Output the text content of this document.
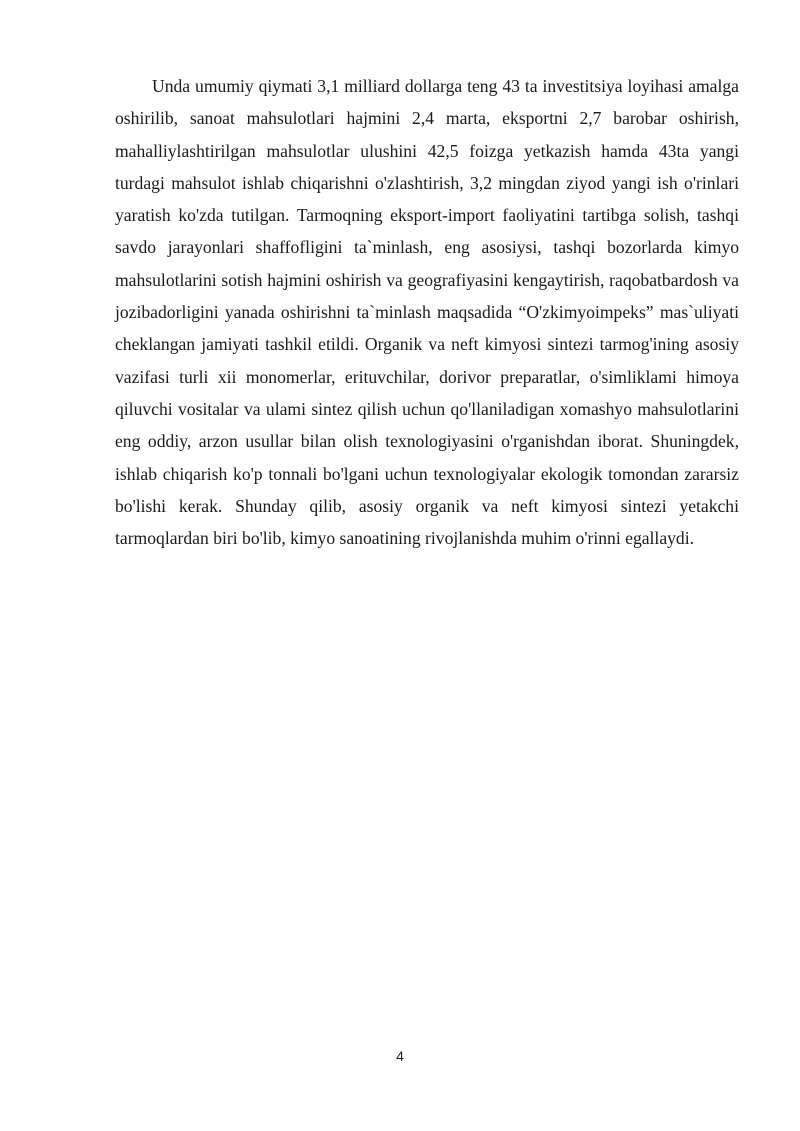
Unda umumiy qiymati 3,1 milliard dollarga teng 43 ta investitsiya loyihasi amalga oshirilib, sanoat mahsulotlari hajmini 2,4 marta, eksportni 2,7 barobar oshirish, mahalliylashtirilgan mahsulotlar ulushini 42,5 foizga yetkazish hamda 43ta yangi turdagi mahsulot ishlab chiqarishni o'zlashtirish, 3,2 mingdan ziyod yangi ish o'rinlari yaratish ko'zda tutilgan. Tarmoqning eksport-import faoliyatini tartibga solish, tashqi savdo jarayonlari shaffofligini ta`minlash, eng asosiysi, tashqi bozorlarda kimyo mahsulotlarini sotish hajmini oshirish va geografiyasini kengaytirish, raqobatbardosh va jozibadorligini yanada oshirishni ta`minlash maqsadida “O'zkimyoimpeks” mas`uliyati cheklangan jamiyati tashkil etildi. Organik va neft kimyosi sintezi tarmog'ining asosiy vazifasi turli xii monomerlar, erituvchilar, dorivor preparatlar, o'simliklami himoya qiluvchi vositalar va ulami sintez qilish uchun qo'llaniladigan xomashyo mahsulotlarini eng oddiy, arzon usullar bilan olish texnologiyasini o'rganishdan iborat. Shuningdek, ishlab chiqarish ko'p tonnali bo'lgani uchun texnologiyalar ekologik tomondan zararsiz bo'lishi kerak. Shunday qilib, asosiy organik va neft kimyosi sintezi yetakchi tarmoqlardan biri bo'lib, kimyo sanoatining rivojlanishda muhim o'rinni egallaydi.

4
